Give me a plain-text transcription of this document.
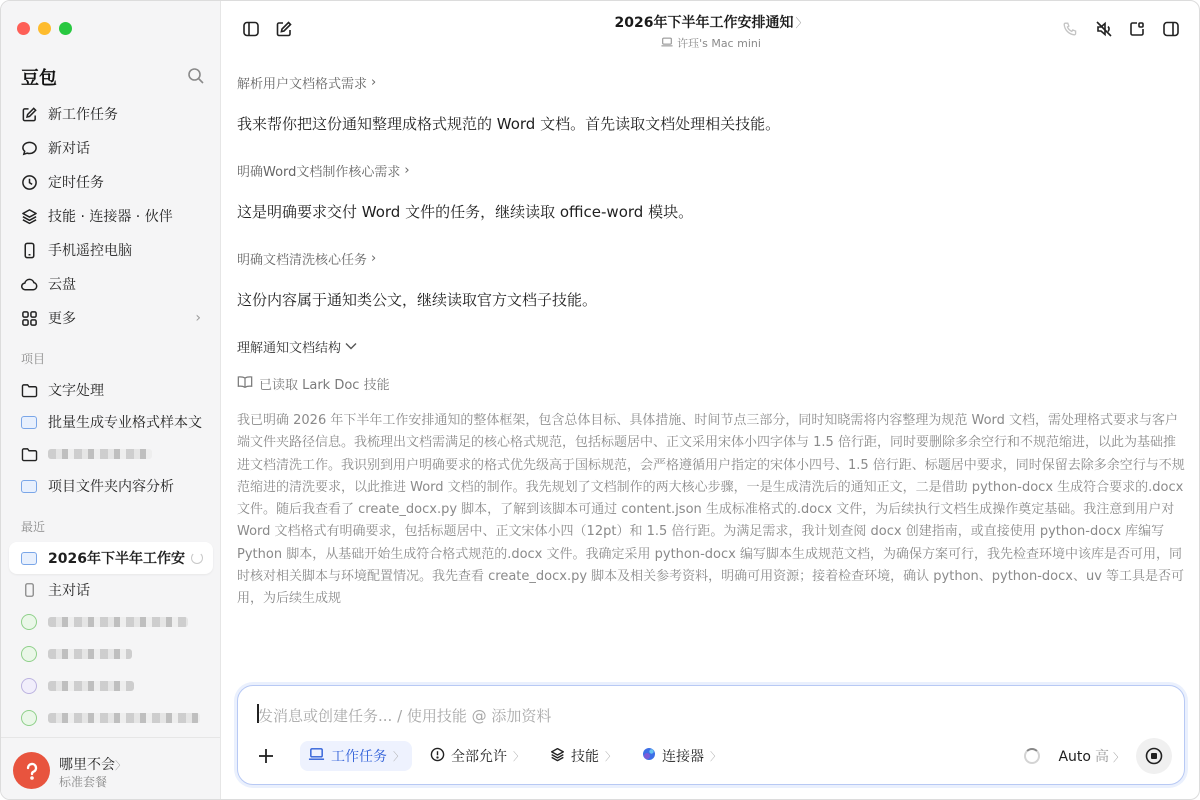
豆包
新工作任务
新对话
定时任务
技能 · 连接器 · 伙伴
手机遥控电脑
云盘
更多	›
项目
文字处理
批量生成专业格式样本文
项目文件夹内容分析
最近
2026年下半年工作安
主对话
哪里不会〉
标准套餐
2026年下半年工作安排通知 〉
许珏's Mac mini
解析用户文档格式需求 ›
我来帮你把这份通知整理成格式规范的 Word 文档。首先读取文档处理相关技能。
明确Word文档制作核心需求 ›
这是明确要求交付 Word 文件的任务，继续读取 office-word 模块。
明确文档清洗核心任务 ›
这份内容属于通知类公文，继续读取官方文档子技能。
理解通知文档结构
已读取 Lark Doc 技能
我已明确 2026 年下半年工作安排通知的整体框架，包含总体目标、具体措施、时间节点三部分，同时知晓需将内容整理为规范 Word 文档，需处理格式要求与客户端文件夹路径信息。我梳理出文档需满足的核心格式规范，包括标题居中、正文采用宋体小四字体与 1.5 倍行距，同时要删除多余空行和不规范缩进，以此为基础推进文档清洗工作。我识别到用户明确要求的格式优先级高于国标规范，会严格遵循用户指定的宋体小四号、1.5 倍行距、标题居中要求，同时保留去除多余空行与不规范缩进的清洗要求，以此推进 Word 文档的制作。我先规划了文档制作的两大核心步骤，一是生成清洗后的通知正文，二是借助 python-docx 生成符合要求的.docx 文件。随后我查看了 create_docx.py 脚本，了解到该脚本可通过 content.json 生成标准格式的.docx 文件，为后续执行文档生成操作奠定基础。我注意到用户对 Word 文档格式有明确要求，包括标题居中、正文宋体小四（12pt）和 1.5 倍行距。为满足需求，我计划查阅 docx 创建指南，或直接使用 python-docx 库编写 Python 脚本，从基础开始生成符合格式规范的.docx 文件。我确定采用 python-docx 编写脚本生成规范文档，为确保方案可行，我先检查环境中该库是否可用，同时核对相关脚本与环境配置情况。我先查看 create_docx.py 脚本及相关参考资料，明确可用资源；接着检查环境，确认 python、python-docx、uv 等工具是否可用，为后续生成规
发消息或创建任务... / 使用技能 @ 添加资料
工作任务 〉	全部允许 〉	技能 〉	连接器 〉	Auto 高 〉
